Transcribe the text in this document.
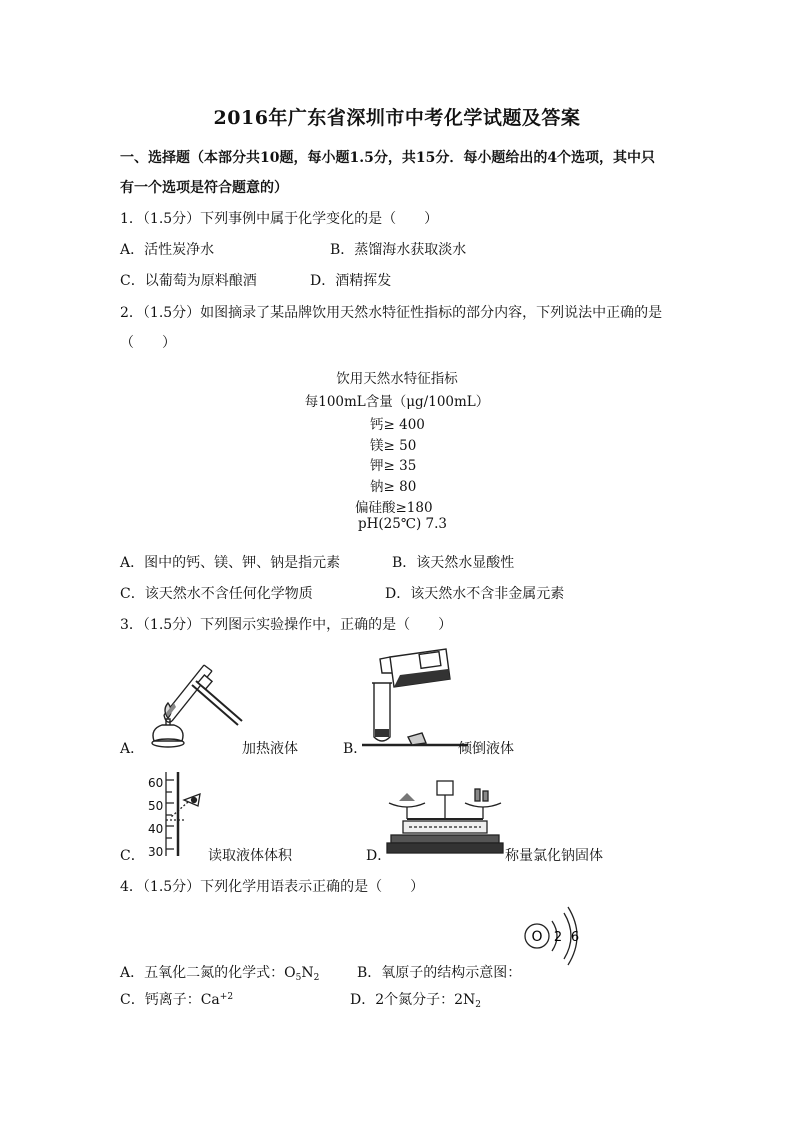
2016年广东省深圳市中考化学试题及答案
一、选择题（本部分共10题，每小题1.5分，共15分．每小题给出的4个选项，其中只
有一个选项是符合题意的）
1．（1.5分）下列事例中属于化学变化的是（　　）
A．活性炭净水	B．蒸馏海水获取淡水
C．以葡萄为原料酿酒	D．酒精挥发
2．（1.5分）如图摘录了某品牌饮用天然水特征性指标的部分内容，下列说法中正确的是
（　　）
饮用天然水特征指标
每100mL含量（μg/100mL）
钙≥ 400
镁≥ 50
钾≥ 35
钠≥ 80
偏硅酸≥180
pH(25℃) 7.3
A．图中的钙、镁、钾、钠是指元素	B．该天然水显酸性
C．该天然水不含任何化学物质	D．该天然水不含非金属元素
3．（1.5分）下列图示实验操作中，正确的是（　　）
A．	加热液体	B．	倾倒液体
60
50
40
30
C．	读取液体体积	D．	称量氯化钠固体
4．（1.5分）下列化学用语表示正确的是（　　）
O 2 6
A．五氧化二氮的化学式：$O_5N_2$	B．氧原子的结构示意图：
C．钙离子：$Ca^{+2}$	D．2个氮分子：$2N_2$
